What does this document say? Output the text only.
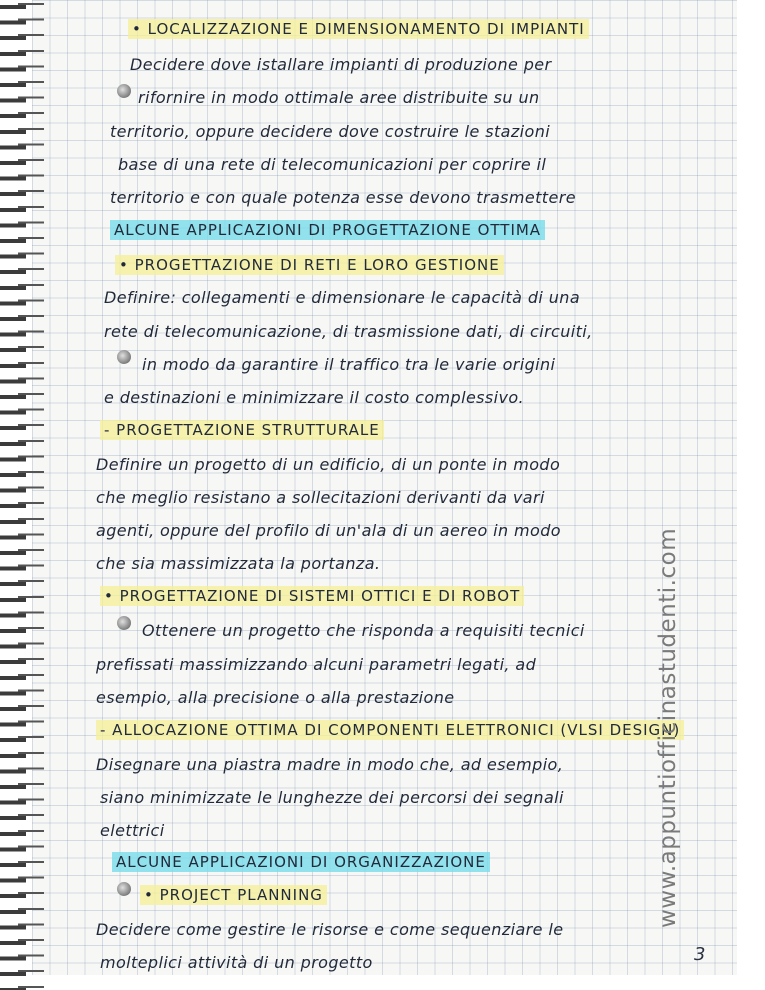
• LOCALIZZAZIONE E DIMENSIONAMENTO DI IMPIANTI
Decidere dove istallare impianti di produzione per
rifornire in modo ottimale aree distribuite su un
territorio, oppure decidere dove costruire le stazioni
base di una rete di telecomunicazioni per coprire il
territorio e con quale potenza esse devono trasmettere
ALCUNE APPLICAZIONI DI PROGETTAZIONE OTTIMA
• PROGETTAZIONE DI RETI E LORO GESTIONE
Definire: collegamenti e dimensionare le capacità di una
rete di telecomunicazione, di trasmissione dati, di circuiti,
in modo da garantire il traffico tra le varie origini
e destinazioni e minimizzare il costo complessivo.
- PROGETTAZIONE STRUTTURALE
Definire un progetto di un edificio, di un ponte in modo
che meglio resistano a sollecitazioni derivanti da vari
agenti, oppure del profilo di un'ala di un aereo in modo
che sia massimizzata la portanza.
• PROGETTAZIONE DI SISTEMI OTTICI E DI ROBOT
Ottenere un progetto che risponda a requisiti tecnici
prefissati massimizzando alcuni parametri legati, ad
esempio, alla precisione o alla prestazione
- ALLOCAZIONE OTTIMA DI COMPONENTI ELETTRONICI (VLSI DESIGN)
Disegnare una piastra madre in modo che, ad esempio,
siano minimizzate le lunghezze dei percorsi dei segnali
elettrici
ALCUNE APPLICAZIONI DI ORGANIZZAZIONE
• PROJECT PLANNING
Decidere come gestire le risorse e come sequenziare le
molteplici attività di un progetto
www.appuntiofficinastudenti.com
3
